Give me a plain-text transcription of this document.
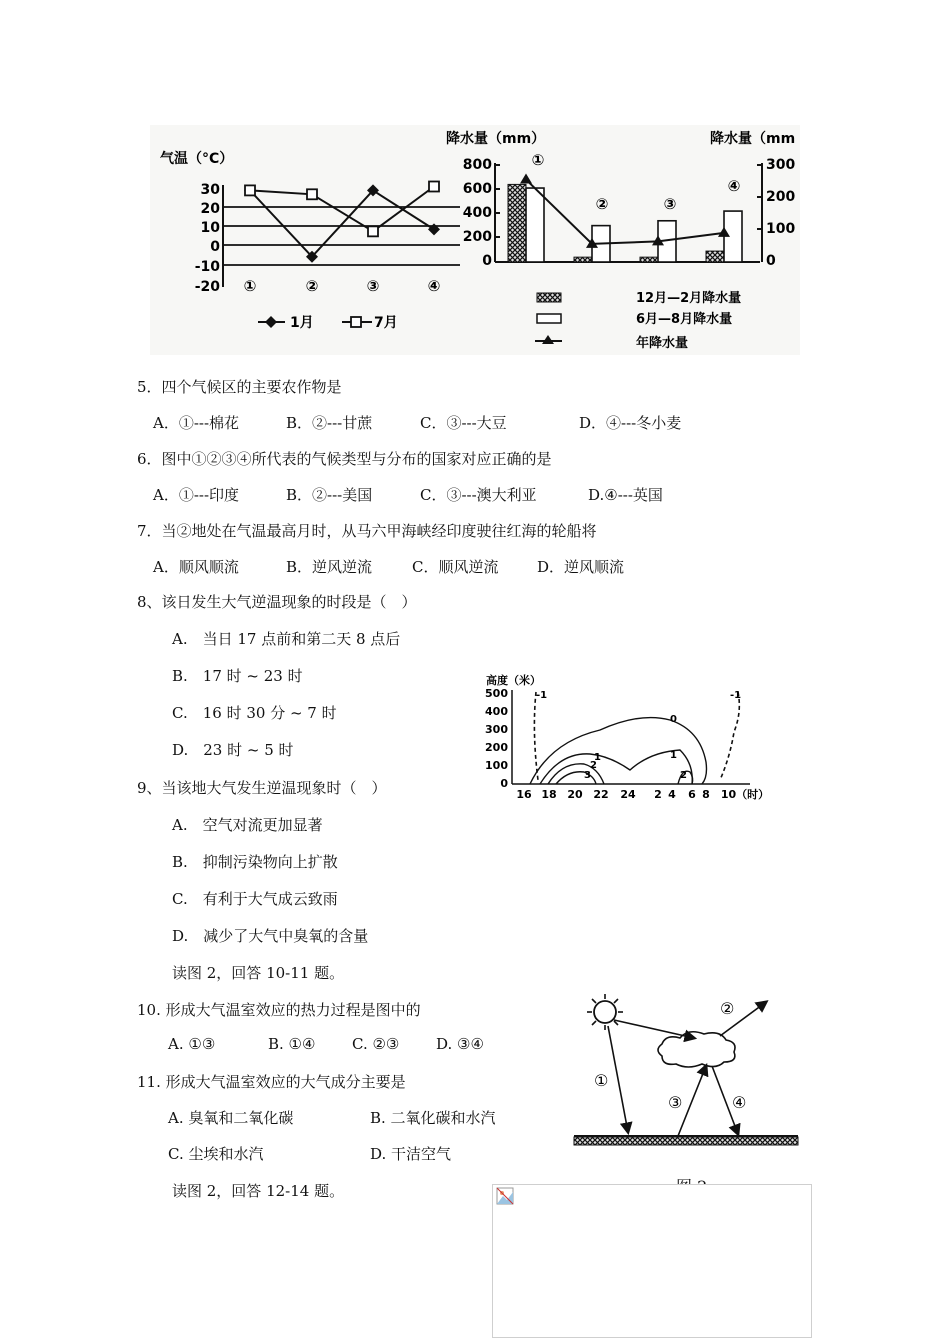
气温（°C）
30
20
10
0
-10
-20 ①	②	③	④
1月	7月
降水量（mm）	降水量（mm
800
600
400
200
0
300
200
100
0
①
②	③
④
12月—2月降水量
6月—8月降水量
年降水量
5．四个气候区的主要农作物是
A．①---棉花	B．②---甘蔗	C．③---大豆	D．④---冬小麦
6．图中①②③④所代表的气候类型与分布的国家对应正确的是
A．①---印度	B．②---美国	C．③---澳大利亚	D.④---英国
7．当②地处在气温最高月时，从马六甲海峡经印度驶往红海的轮船将
A．顺风顺流	B．逆风逆流	C．顺风逆流	D．逆风顺流
8、该日发生大气逆温现象的时段是（　）
A.　当日 17 点前和第二天 8 点后
B.　17 时 ~ 23 时
C.　16 时 30 分 ~ 7 时
D.　23 时 ~ 5 时
9、当该地大气发生逆温现象时（　）
A.　空气对流更加显著
B.　抑制污染物向上扩散
C.　有利于大气成云致雨
D.　减少了大气中臭氧的含量
高度（米）
500
400
300
200
100
0
-1
0
1
2
3
1
2
-1
16 18 20 22 24 2 4 6 8 10（时）
读图 2，回答 10-11 题。
10. 形成大气温室效应的热力过程是图中的
A. ①③	B. ①④ C. ②③ D. ③④
11. 形成大气温室效应的大气成分主要是
A. 臭氧和二氧化碳	B. 二氧化碳和水汽
C. 尘埃和水汽	D. 干洁空气
读图 2，回答 12-14 题。
①
②
③	④
